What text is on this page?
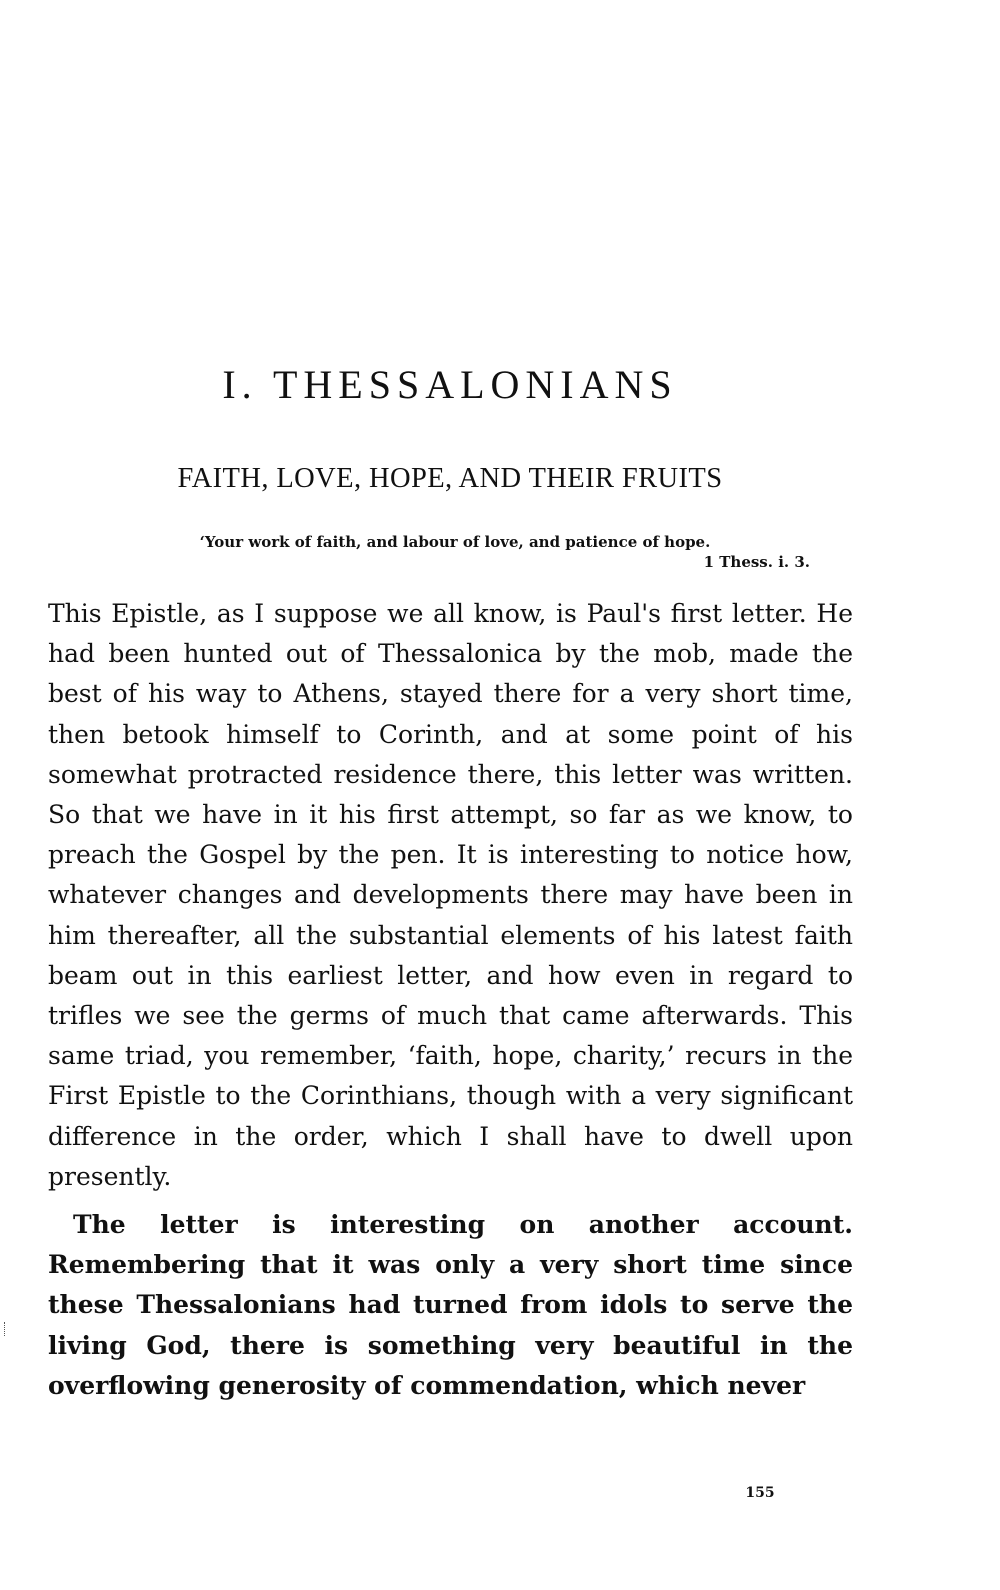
I. THESSALONIANS
FAITH, LOVE, HOPE, AND THEIR FRUITS
‘Your work of faith, and labour of love, and patience of hope.
1 Thess. i. 3.

This Epistle, as I suppose we all know, is Paul's first letter. He had been hunted out of Thessalonica by the mob, made the best of his way to Athens, stayed there for a very short time, then betook himself to Corinth, and at some point of his somewhat protracted residence there, this letter was written. So that we have in it his first attempt, so far as we know, to preach the Gospel by the pen. It is interesting to notice how, whatever changes and developments there may have been in him thereafter, all the substantial elements of his latest faith beam out in this earliest letter, and how even in regard to trifles we see the germs of much that came afterwards. This same triad, you remember, ‘faith, hope, charity,’ recurs in the First Epistle to the Corinthians, though with a very significant difference in the order, which I shall have to dwell upon presently.

The letter is interesting on another account. Remembering that it was only a very short time since these Thessalonians had turned from idols to serve the living God, there is something very beautiful in the overflowing generosity of commendation, which never

155
